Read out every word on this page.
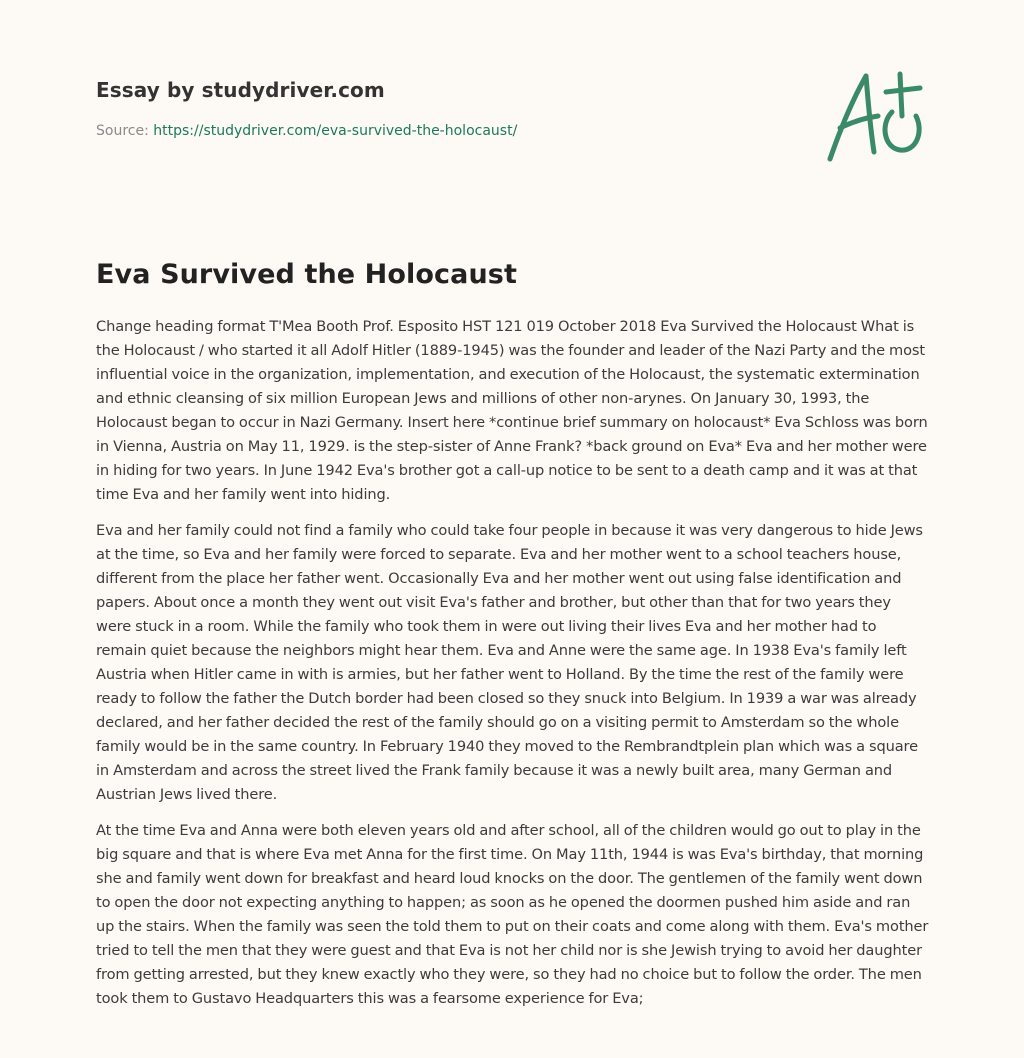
Essay by studydriver.com
Source: https://studydriver.com/eva-survived-the-holocaust/
Eva Survived the Holocaust

Change heading format T'Mea Booth Prof. Esposito HST 121 019 October 2018 Eva Survived the Holocaust What is the Holocaust / who started it all Adolf Hitler (1889-1945) was the founder and leader of the Nazi Party and the most influential voice in the organization, implementation, and execution of the Holocaust, the systematic extermination and ethnic cleansing of six million European Jews and millions of other non-arynes. On January 30, 1993, the Holocaust began to occur in Nazi Germany. Insert here *continue brief summary on holocaust* Eva Schloss was born in Vienna, Austria on May 11, 1929. is the step-sister of Anne Frank? *back ground on Eva* Eva and her mother were in hiding for two years. In June 1942 Eva's brother got a call-up notice to be sent to a death camp and it was at that time Eva and her family went into hiding.

Eva and her family could not find a family who could take four people in because it was very dangerous to hide Jews at the time, so Eva and her family were forced to separate. Eva and her mother went to a school teachers house, different from the place her father went. Occasionally Eva and her mother went out using false identification and papers. About once a month they went out visit Eva's father and brother, but other than that for two years they were stuck in a room. While the family who took them in were out living their lives Eva and her mother had to remain quiet because the neighbors might hear them. Eva and Anne were the same age. In 1938 Eva's family left Austria when Hitler came in with is armies, but her father went to Holland. By the time the rest of the family were ready to follow the father the Dutch border had been closed so they snuck into Belgium. In 1939 a war was already declared, and her father decided the rest of the family should go on a visiting permit to Amsterdam so the whole family would be in the same country. In February 1940 they moved to the Rembrandtplein plan which was a square in Amsterdam and across the street lived the Frank family because it was a newly built area, many German and Austrian Jews lived there.

At the time Eva and Anna were both eleven years old and after school, all of the children would go out to play in the big square and that is where Eva met Anna for the first time. On May 11th, 1944 is was Eva's birthday, that morning she and family went down for breakfast and heard loud knocks on the door. The gentlemen of the family went down to open the door not expecting anything to happen; as soon as he opened the doormen pushed him aside and ran up the stairs. When the family was seen the told them to put on their coats and come along with them. Eva's mother tried to tell the men that they were guest and that Eva is not her child nor is she Jewish trying to avoid her daughter from getting arrested, but they knew exactly who they were, so they had no choice but to follow the order. The men took them to Gustavo Headquarters this was a fearsome experience for Eva;
